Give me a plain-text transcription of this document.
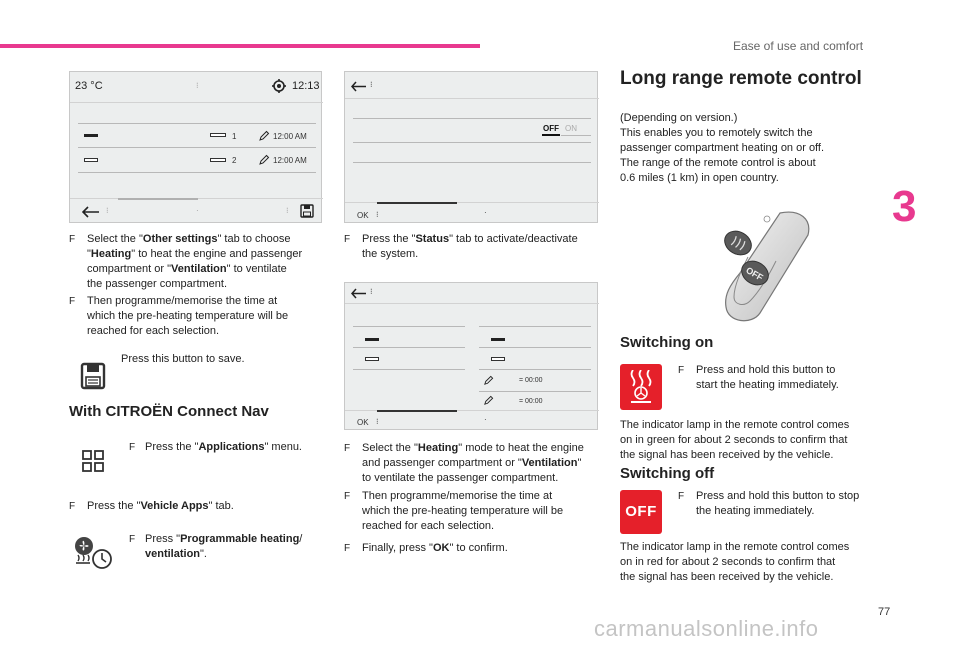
Ease of use and comfort
3
77
carmanualsonline.info
23 °C	⁝	12:13
1	12:00 AM
2	12:00 AM
⁝	·	⁝
⁝
OFF ON
OK ⁝	·
⁝
= 00:00
= 00:00
OK ⁝	·
F Select the "Other settings" tab to choose
"Heating" to heat the engine and passenger
compartment or "Ventilation" to ventilate
the passenger compartment.
F Then programme/memorise the time at
which the pre-heating temperature will be
reached for each selection.
Press this button to save.
With CITROËN Connect Nav
F Press the "Applications" menu.
F Press the "Vehicle Apps" tab.
F Press "Programmable heating/
ventilation".
F Press the "Status" tab to activate/deactivate
the system.
F Select the "Heating" mode to heat the engine
and passenger compartment or "Ventilation"
to ventilate the passenger compartment.
F Then programme/memorise the time at
which the pre-heating temperature will be
reached for each selection.
F Finally, press "OK" to confirm.
Long range remote control
(Depending on version.)
This enables you to remotely switch the
passenger compartment heating on or off.
The range of the remote control is about
0.6 miles (1 km) in open country.
OFF
Switching on
F Press and hold this button to
start the heating immediately.
The indicator lamp in the remote control comes
on in green for about 2 seconds to confirm that
the signal has been received by the vehicle.
Switching off
OFF
F Press and hold this button to stop
the heating immediately.
The indicator lamp in the remote control comes
on in red for about 2 seconds to confirm that
the signal has been received by the vehicle.
